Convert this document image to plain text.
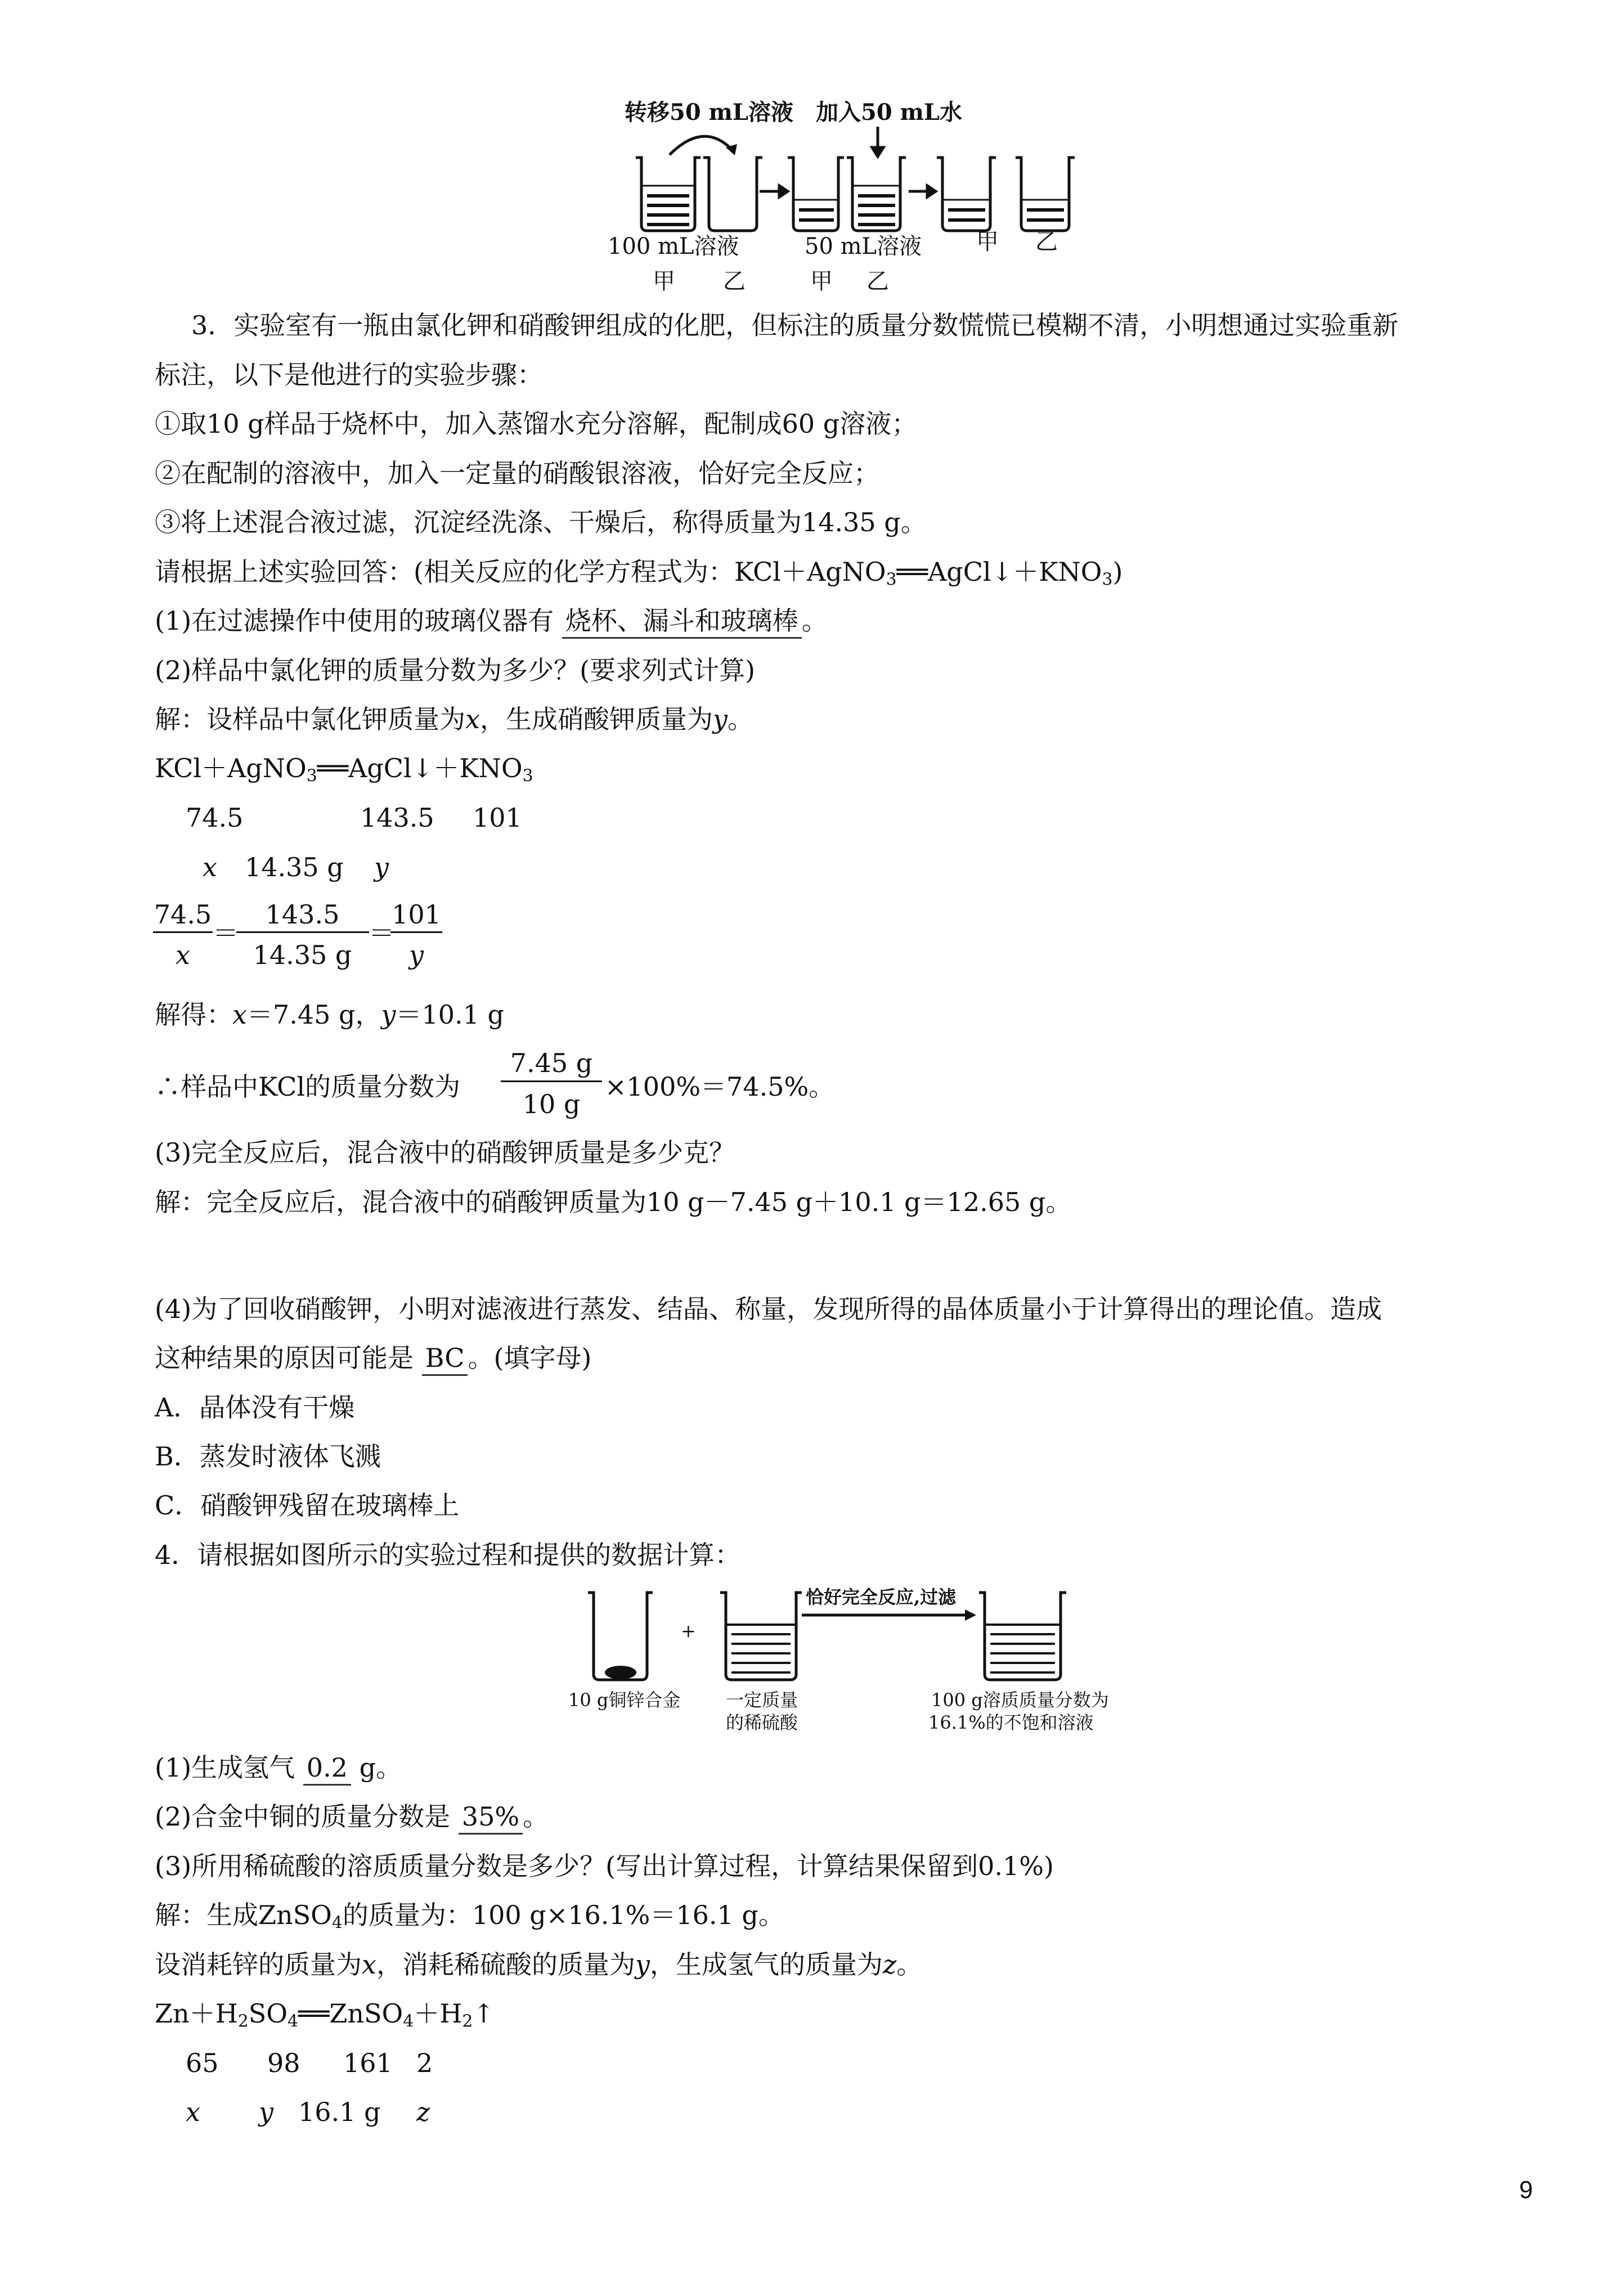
转移50 mL溶液 加入50 mL水
100 mL溶液	50 mL溶液
甲 乙	甲 乙
甲 乙
3．实验室有一瓶由氯化钾和硝酸钾组成的化肥，但标注的质量分数慌慌已模糊不清，小明想通过实验重新
标注，以下是他进行的实验步骤：
①取10 g样品于烧杯中，加入蒸馏水充分溶解，配制成60 g溶液；
②在配制的溶液中，加入一定量的硝酸银溶液，恰好完全反应；
③将上述混合液过滤，沉淀经洗涤、干燥后，称得质量为14.35 g。
请根据上述实验回答：(相关反应的化学方程式为：$KCl+AgNO_3══AgCl↓+KNO_3$)
(1)在过滤操作中使用的玻璃仪器有 烧杯、漏斗和玻璃棒 。
(2)样品中氯化钾的质量分数为多少？(要求列式计算)
解：设样品中氯化钾质量为x，生成硝酸钾质量为y。
$KCl+AgNO_3══AgCl↓+KNO_3$
74.5	143.5 101
x 14.35 g y
74.5
x
＝
143.5
14.35 g
＝
101
y
解得：x＝7.45 g，y＝10.1 g
∴样品中KCl的质量分数为
7.45 g
10 g
×100%＝74.5%。
(3)完全反应后，混合液中的硝酸钾质量是多少克？
解：完全反应后，混合液中的硝酸钾质量为10 g－7.45 g＋10.1 g＝12.65 g。
(4)为了回收硝酸钾，小明对滤液进行蒸发、结晶、称量，发现所得的晶体质量小于计算得出的理论值。造成
这种结果的原因可能是 BC 。(填字母)
A．晶体没有干燥
B．蒸发时液体飞溅
C．硝酸钾残留在玻璃棒上
4．请根据如图所示的实验过程和提供的数据计算：
+
恰好完全反应,过滤
10 g铜锌合金	一定质量
的稀硫酸
100 g溶质质量分数为
16.1%的不饱和溶液
(1)生成氢气 0.2 g。
(2)合金中铜的质量分数是 35% 。
(3)所用稀硫酸的溶质质量分数是多少？(写出计算过程，计算结果保留到0.1%)
解：生成ZnSO$_4$的质量为：100 g×16.1%＝16.1 g。
设消耗锌的质量为x，消耗稀硫酸的质量为y，生成氢气的质量为z。
$Zn+H_2SO_4══ZnSO_4+H_2↑$
65 98 161 2
x y 16.1 g z
9
